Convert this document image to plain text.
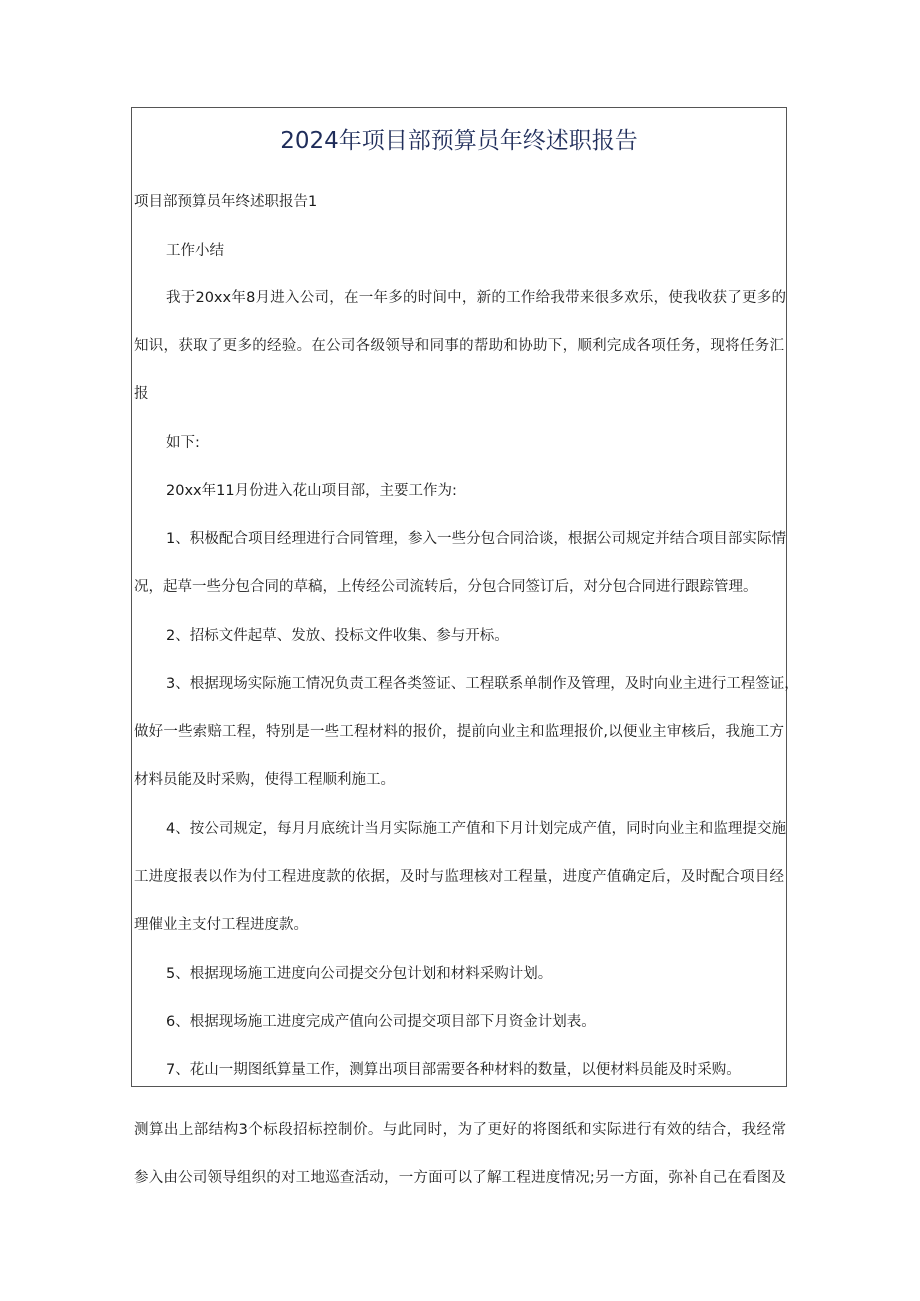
2024年项目部预算员年终述职报告

项目部预算员年终述职报告1

工作小结

我于20xx年8月进入公司，在一年多的时间中，新的工作给我带来很多欢乐，使我收获了更多的

知识，获取了更多的经验。在公司各级领导和同事的帮助和协助下，顺利完成各项任务，现将任务汇

报

如下:

20xx年11月份进入花山项目部，主要工作为:

1、积极配合项目经理进行合同管理，参入一些分包合同洽谈，根据公司规定并结合项目部实际情

况，起草一些分包合同的草稿，上传经公司流转后，分包合同签订后，对分包合同进行跟踪管理。

2、招标文件起草、发放、投标文件收集、参与开标。

3、根据现场实际施工情况负责工程各类签证、工程联系单制作及管理，及时向业主进行工程签证，

做好一些索赔工程，特别是一些工程材料的报价，提前向业主和监理报价,以便业主审核后，我施工方

材料员能及时采购，使得工程顺利施工。

4、按公司规定，每月月底统计当月实际施工产值和下月计划完成产值，同时向业主和监理提交施

工进度报表以作为付工程进度款的依据，及时与监理核对工程量，进度产值确定后，及时配合项目经

理催业主支付工程进度款。

5、根据现场施工进度向公司提交分包计划和材料采购计划。

6、根据现场施工进度完成产值向公司提交项目部下月资金计划表。

7、花山一期图纸算量工作，测算出项目部需要各种材料的数量，以便材料员能及时采购。

测算出上部结构3个标段招标控制价。与此同时，为了更好的将图纸和实际进行有效的结合，我经常

参入由公司领导组织的对工地巡查活动，一方面可以了解工程进度情况;另一方面，弥补自己在看图及
